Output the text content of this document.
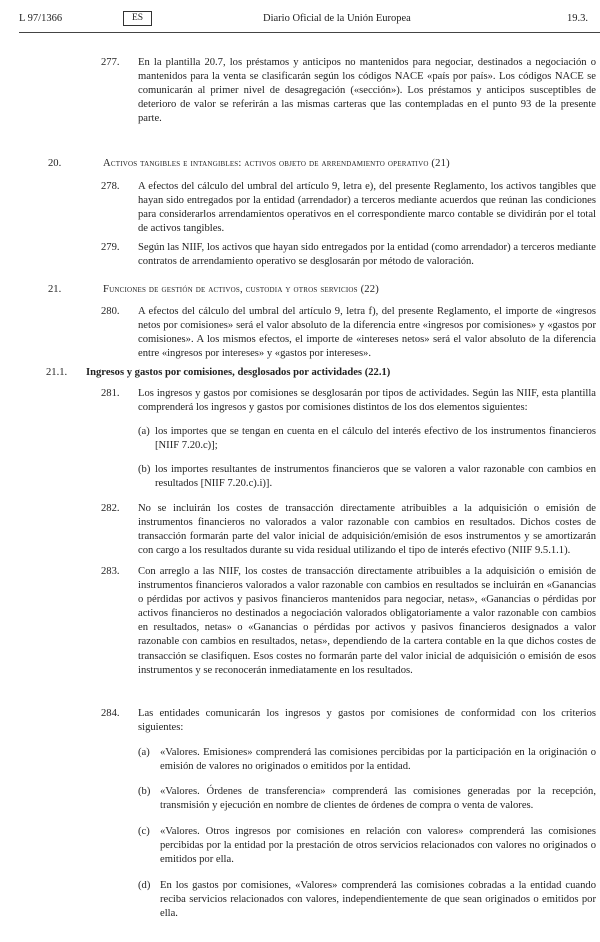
L 97/1366	ES	Diario Oficial de la Unión Europea	19.3.
277. En la plantilla 20.7, los préstamos y anticipos no mantenidos para negociar, destinados a negociación o mantenidos para la venta se clasificarán según los códigos NACE «país por país». Los códigos NACE se comunicarán al primer nivel de desagregación («sección»). Los préstamos y anticipos susceptibles de deterioro de valor se referirán a las mismas carteras que las contempladas en el punto 93 de la presente parte.
20.	Activos tangibles e intangibles: activos objeto de arrendamiento operativo (21)
278. A efectos del cálculo del umbral del artículo 9, letra e), del presente Reglamento, los activos tangibles que hayan sido entregados por la entidad (arrendador) a terceros mediante acuerdos que reúnan las condiciones para considerarlos arrendamientos operativos en el correspondiente marco contable se dividirán por el total de activos tangibles.
279. Según las NIIF, los activos que hayan sido entregados por la entidad (como arrendador) a terceros mediante contratos de arrendamiento operativo se desglosarán por método de valoración.
21.	Funciones de gestión de activos, custodia y otros servicios (22)
280. A efectos del cálculo del umbral del artículo 9, letra f), del presente Reglamento, el importe de «ingresos netos por comisiones» será el valor absoluto de la diferencia entre «ingresos por comisiones» y «gastos por comisiones». A los mismos efectos, el importe de «intereses netos» será el valor absoluto de la diferencia entre «ingresos por intereses» y «gastos por intereses».
21.1. Ingresos y gastos por comisiones, desglosados por actividades (22.1)
281. Los ingresos y gastos por comisiones se desglosarán por tipos de actividades. Según las NIIF, esta plantilla comprenderá los ingresos y gastos por comisiones distintos de los dos elementos siguientes:
(a) los importes que se tengan en cuenta en el cálculo del interés efectivo de los instrumentos financieros [NIIF 7.20.c)];
(b) los importes resultantes de instrumentos financieros que se valoren a valor razonable con cambios en resultados [NIIF 7.20.c).i)].
282. No se incluirán los costes de transacción directamente atribuibles a la adquisición o emisión de instrumentos financieros no valorados a valor razonable con cambios en resultados. Dichos costes de transacción formarán parte del valor inicial de adquisición/emisión de esos instrumentos y se amortizarán con cargo a los resultados durante su vida residual utilizando el tipo de interés efectivo (NIIF 9.5.1.1).
283. Con arreglo a las NIIF, los costes de transacción directamente atribuibles a la adquisición o emisión de instrumentos financieros valorados a valor razonable con cambios en resultados se incluirán en «Ganancias o pérdidas por activos y pasivos financieros mantenidos para negociar, netas», «Ganancias o pérdidas por activos financieros no destinados a negociación valorados obligatoriamente a valor razonable con cambios en resultados, netas» o «Ganancias o pérdidas por activos y pasivos financieros designados a valor razonable con cambios en resultados, netas», dependiendo de la cartera contable en la que dichos costes de transacción se clasifiquen. Esos costes no formarán parte del valor inicial de adquisición o emisión de esos instrumentos y se reconocerán inmediatamente en los resultados.
284. Las entidades comunicarán los ingresos y gastos por comisiones de conformidad con los criterios siguientes:
(a) «Valores. Emisiones» comprenderá las comisiones percibidas por la participación en la originación o emisión de valores no originados o emitidos por la entidad.
(b) «Valores. Órdenes de transferencia» comprenderá las comisiones generadas por la recepción, transmisión y ejecución en nombre de clientes de órdenes de compra o venta de valores.
(c) «Valores. Otros ingresos por comisiones en relación con valores» comprenderá las comisiones percibidas por la entidad por la prestación de otros servicios relacionados con valores no originados o emitidos por ella.
(d) En los gastos por comisiones, «Valores» comprenderá las comisiones cobradas a la entidad cuando reciba servicios relacionados con valores, independientemente de que sean originados o emitidos por ella.
